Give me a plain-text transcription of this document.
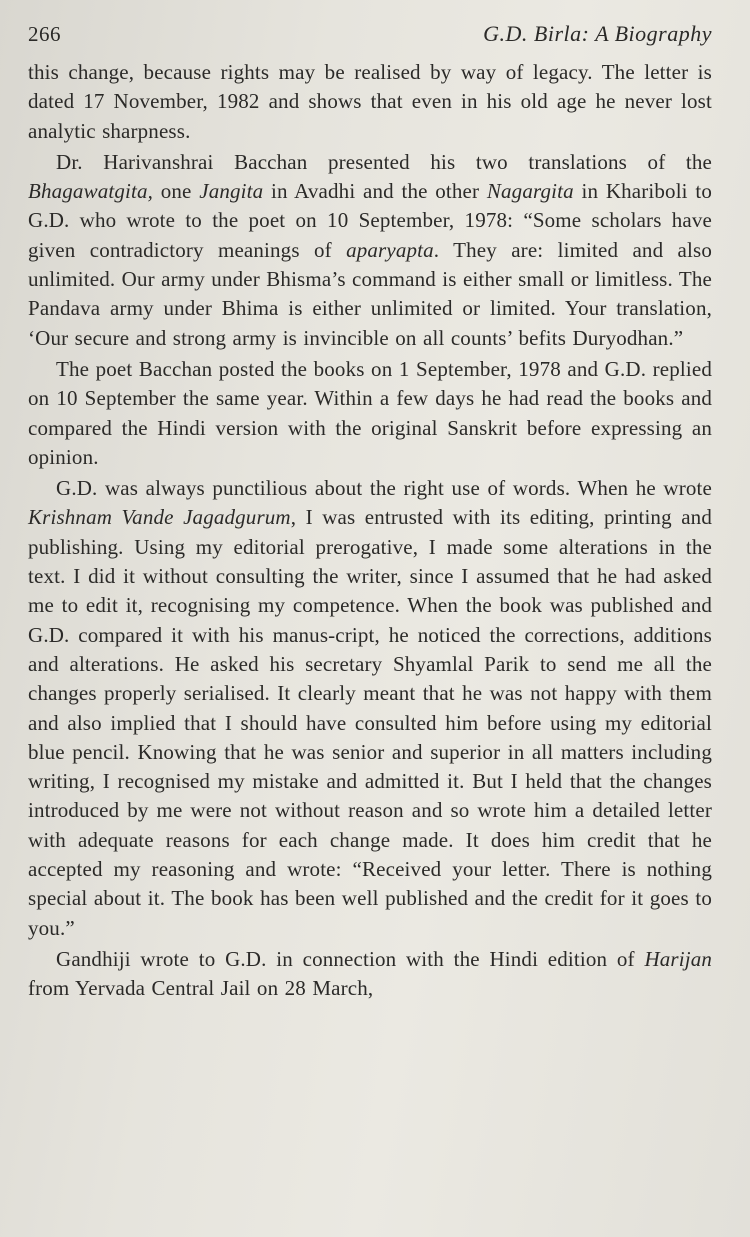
266	G.D. Birla: A Biography

this change, because rights may be realised by way of legacy. The letter is dated 17 November, 1982 and shows that even in his old age he never lost analytic sharpness.

Dr. Harivanshrai Bacchan presented his two translations of the Bhagawatgita, one Jangita in Avadhi and the other Nagargita in Khariboli to G.D. who wrote to the poet on 10 September, 1978: “Some scholars have given contradictory meanings of aparyapta. They are: limited and also unlimited. Our army under Bhisma’s command is either small or limitless. The Pandava army under Bhima is either unlimited or limited. Your translation, ‘Our secure and strong army is invincible on all counts’ befits Duryodhan.”

The poet Bacchan posted the books on 1 September, 1978 and G.D. replied on 10 September the same year. Within a few days he had read the books and compared the Hindi version with the original Sanskrit before expressing an opinion.

G.D. was always punctilious about the right use of words. When he wrote Krishnam Vande Jagadgurum, I was entrusted with its editing, printing and publishing. Using my editorial prerogative, I made some alterations in the text. I did it without consulting the writer, since I assumed that he had asked me to edit it, recognising my competence. When the book was published and G.D. compared it with his manus-cript, he noticed the corrections, additions and alterations. He asked his secretary Shyamlal Parik to send me all the changes properly serialised. It clearly meant that he was not happy with them and also implied that I should have consulted him before using my editorial blue pencil. Knowing that he was senior and superior in all matters including writing, I recognised my mistake and admitted it. But I held that the changes introduced by me were not without reason and so wrote him a detailed letter with adequate reasons for each change made. It does him credit that he accepted my reasoning and wrote: “Received your letter. There is nothing special about it. The book has been well published and the credit for it goes to you.”

Gandhiji wrote to G.D. in connection with the Hindi edition of Harijan from Yervada Central Jail on 28 March,
